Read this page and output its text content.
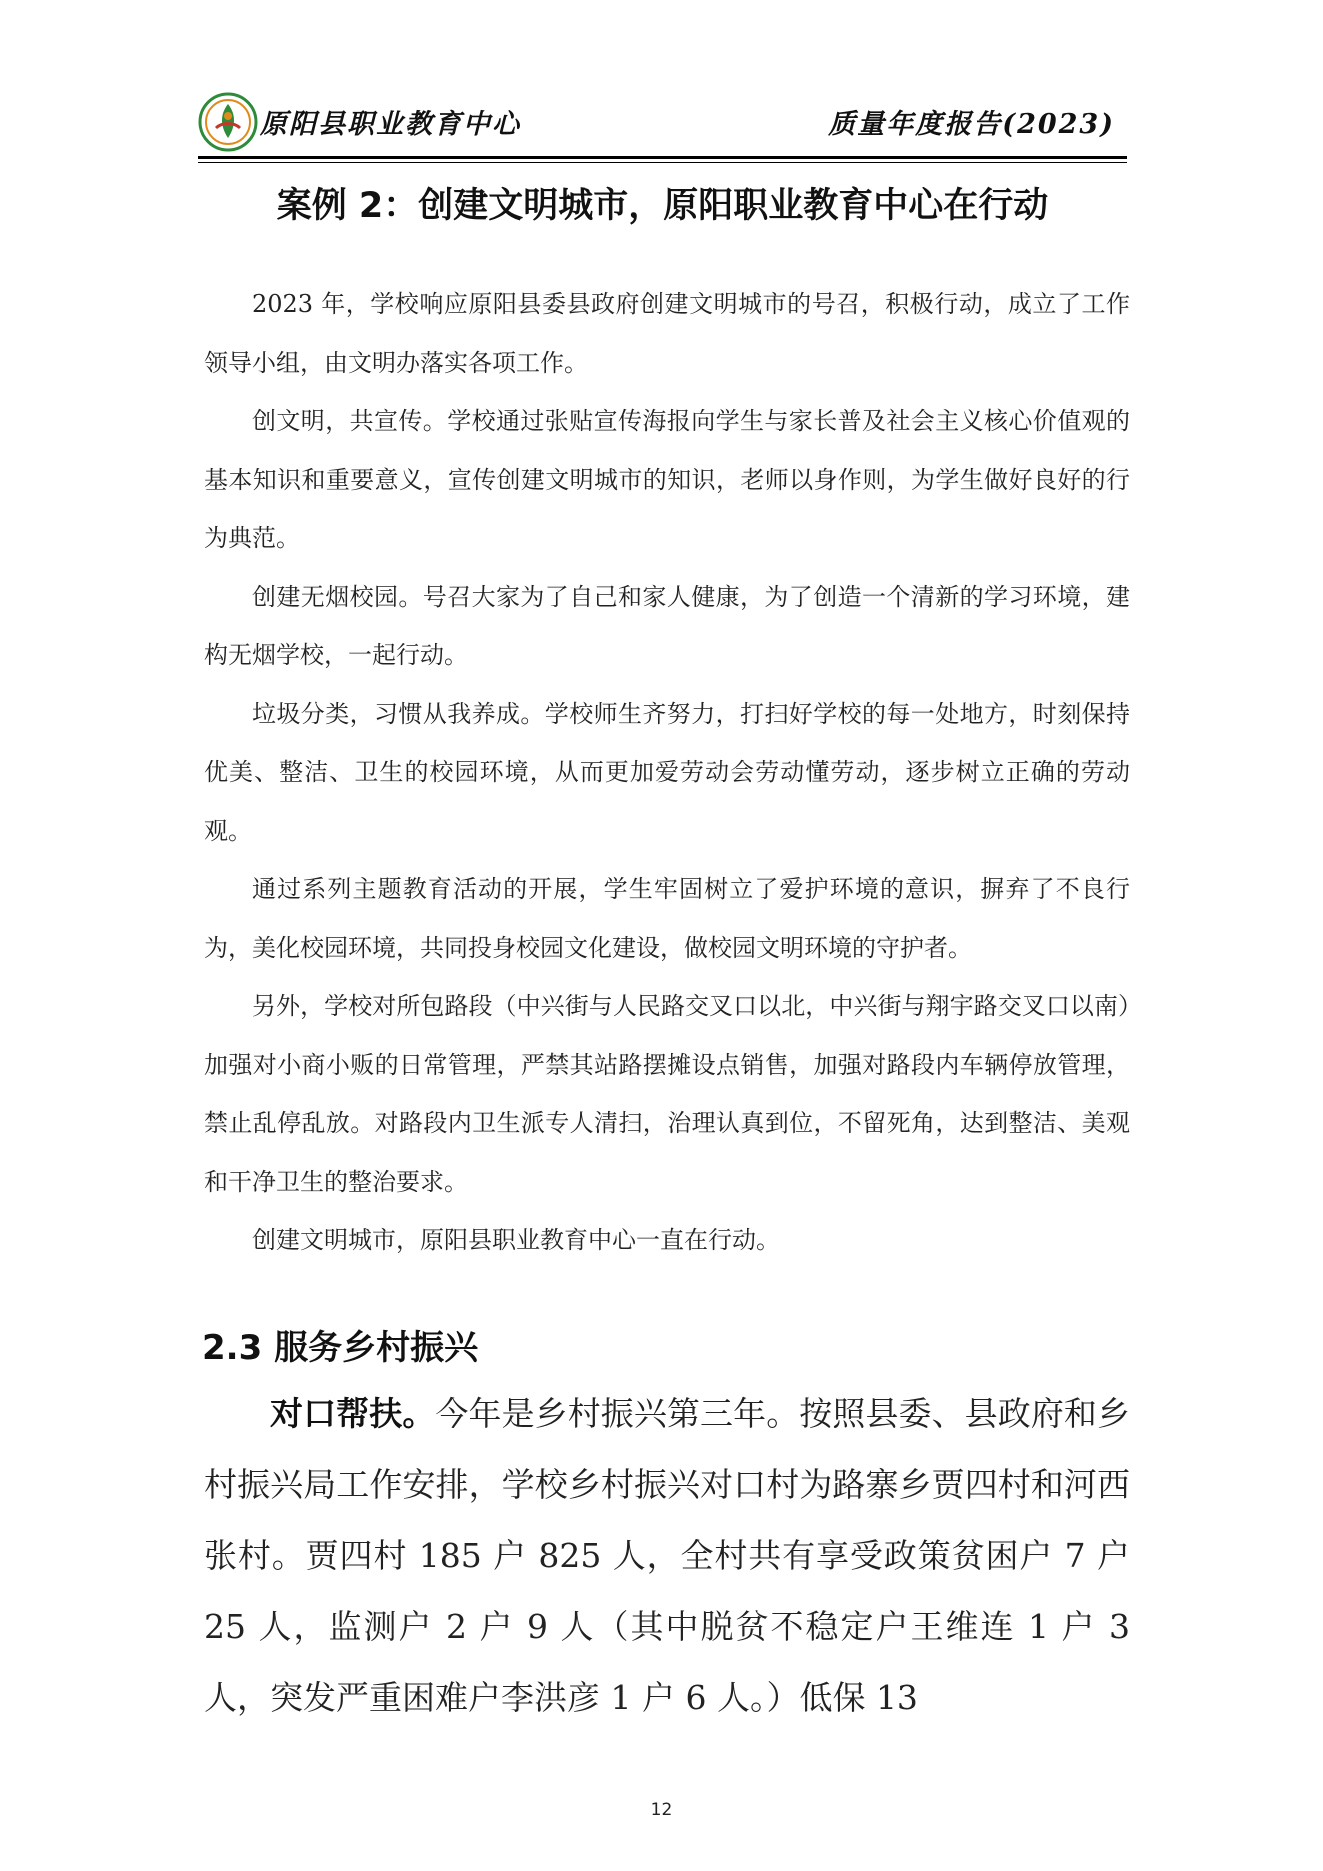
原阳县职业教育中心	质量年度报告(2023)
案例 2：创建文明城市，原阳职业教育中心在行动

2023 年，学校响应原阳县委县政府创建文明城市的号召，积极行动，成立了工作领导小组，由文明办落实各项工作。

创文明，共宣传。学校通过张贴宣传海报向学生与家长普及社会主义核心价值观的基本知识和重要意义，宣传创建文明城市的知识，老师以身作则，为学生做好良好的行为典范。

创建无烟校园。号召大家为了自己和家人健康，为了创造一个清新的学习环境，建构无烟学校，一起行动。

垃圾分类，习惯从我养成。学校师生齐努力，打扫好学校的每一处地方，时刻保持优美、整洁、卫生的校园环境，从而更加爱劳动会劳动懂劳动，逐步树立正确的劳动观。

通过系列主题教育活动的开展，学生牢固树立了爱护环境的意识，摒弃了不良行为，美化校园环境，共同投身校园文化建设，做校园文明环境的守护者。

另外，学校对所包路段（中兴街与人民路交叉口以北，中兴街与翔宇路交叉口以南）加强对小商小贩的日常管理，严禁其站路摆摊设点销售，加强对路段内车辆停放管理，禁止乱停乱放。对路段内卫生派专人清扫，治理认真到位，不留死角，达到整洁、美观和干净卫生的整治要求。

创建文明城市，原阳县职业教育中心一直在行动。

2.3 服务乡村振兴

对口帮扶。今年是乡村振兴第三年。按照县委、县政府和乡村振兴局工作安排，学校乡村振兴对口村为路寨乡贾四村和河西张村。贾四村 185 户 825 人，全村共有享受政策贫困户 7 户 25 人，监测户 2 户 9 人（其中脱贫不稳定户王维连 1 户 3 人，突发严重困难户李洪彦 1 户 6 人。）低保 13

12
